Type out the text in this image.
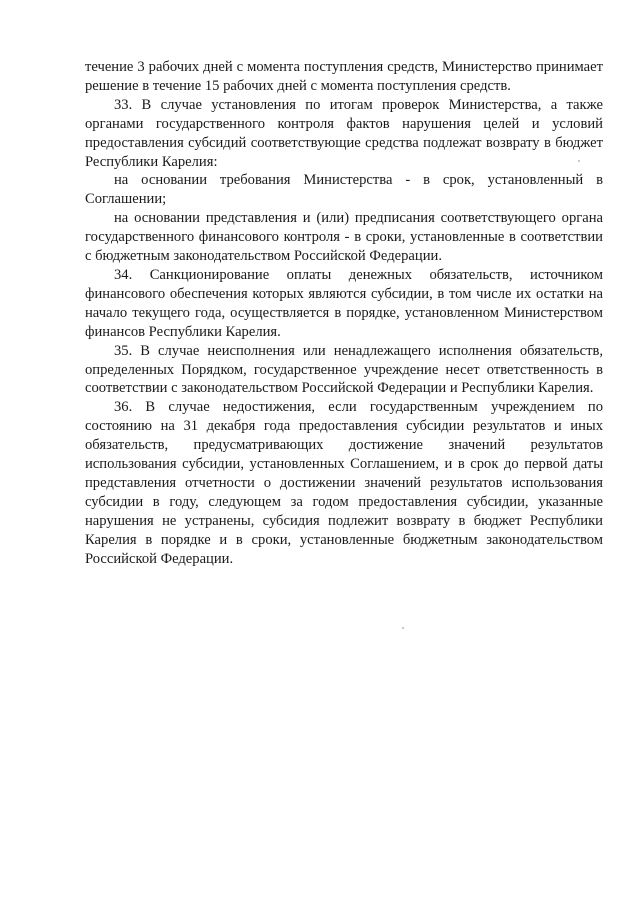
течение 3 рабочих дней с момента поступления средств, Министерство принимает решение в течение 15 рабочих дней с момента поступления средств.

33. В случае установления по итогам проверок Министерства, а также органами государственного контроля фактов нарушения целей и условий предоставления субсидий соответствующие средства подлежат возврату в бюджет Республики Карелия:

на основании требования Министерства - в срок, установленный в Соглашении;

на основании представления и (или) предписания соответствующего органа государственного финансового контроля - в сроки, установленные в соответствии с бюджетным законодательством Российской Федерации.

34. Санкционирование оплаты денежных обязательств, источником финансового обеспечения которых являются субсидии, в том числе их остатки на начало текущего года, осуществляется в порядке, установленном Министерством финансов Республики Карелия.

35. В случае неисполнения или ненадлежащего исполнения обязательств, определенных Порядком, государственное учреждение несет ответственность в соответствии с законодательством Российской Федерации и Республики Карелия.

36. В случае недостижения, если государственным учреждением по состоянию на 31 декабря года предоставления субсидии результатов и иных обязательств, предусматривающих достижение значений результатов использования субсидии, установленных Соглашением, и в срок до первой даты представления отчетности о достижении значений результатов использования субсидии в году, следующем за годом предоставления субсидии, указанные нарушения не устранены, субсидия подлежит возврату в бюджет Республики Карелия в порядке и в сроки, установленные бюджетным законодательством Российской Федерации.
